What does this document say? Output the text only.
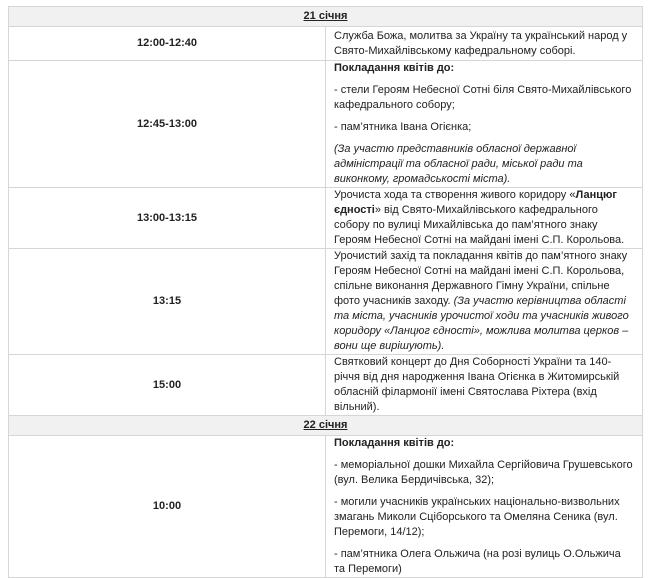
21 січня	
12:00-12:40	Служба Божа, молитва за Україну та український народ у Свято-Михайлівському кафедральному соборі.
12:45-13:00	Покладання квітів до:

- стели Героям Небесної Сотні біля Свято-Михайлівського кафедрального собору;

- пам’ятника Івана Огієнка;

(За участю представників обласної державної адміністрації та обласної ради, міської ради та виконкому, громадськості міста).

13:00-13:15	Урочиста хода та створення живого коридору «Ланцюг єдності» від Свято-Михайлівського кафедрального собору по вулиці Михайлівська до пам’ятного знаку Героям Небесної Сотні на майдані імені С.П. Корольова.
13:15	Урочистий захід та покладання квітів до пам’ятного знаку Героям Небесної Сотні на майдані імені С.П. Корольова, спільне виконання Державного Гімну України, спільне фото учасників заходу. (За участю керівництва області та міста, учасників урочистої ходи та учасників живого коридору «Ланцюг єдності», можлива молитва церков – вони ще вирішують).
15:00	Святковий концерт до Дня Соборності України та 140-річчя від дня народження Івана Огієнка в Житомирській обласній філармонії імені Святослава Ріхтера (вхід вільний).
22 січня	
10:00	Покладання квітів до:

- меморіальної дошки Михайла Сергійовича Грушевського (вул. Велика Бердичівська, 32);

- могили учасників українських національно-визвольних змагань Миколи Сціборського та Омеляна Сеника (вул. Перемоги, 14/12);

- пам’ятника Олега Ольжича (на розі вулиць О.Ольжича та Перемоги)
